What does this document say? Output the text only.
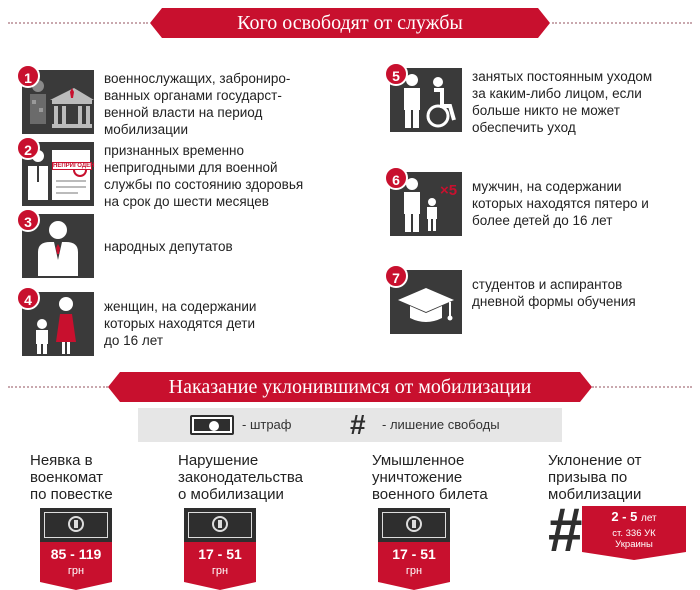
Кого освободят от службы
1	военнослужащих, заброниро-
ванных органами государст-
венной власти на период
мобилизации
НЕПРИГОДЕН
2	признанных временно
непригодными для военной
службы по состоянию здоровья
на срок до шести месяцев
3
народных депутатов
4	женщин, на содержании
которых находятся дети
до 16 лет
5	занятых постоянным уходом
за каким-либо лицом, если
больше никто не может
обеспечить уход
×5
6	мужчин, на содержании
которых находятся пятеро и
более детей до 16 лет
7	студентов и аспирантов
дневной формы обучения
Наказание уклонившимся от мобилизации
- штраф # - лишение свободы
Неявка в
военкомат
по повестке
85 - 119
грн
Нарушение
законодательства
о мобилизации
17 - 51
грн
Умышленное
уничтожение
военного билета
17 - 51
грн
Уклонение от
призыва по
мобилизации
#	2 - 5 лет
ст. 336 УК
Украины
